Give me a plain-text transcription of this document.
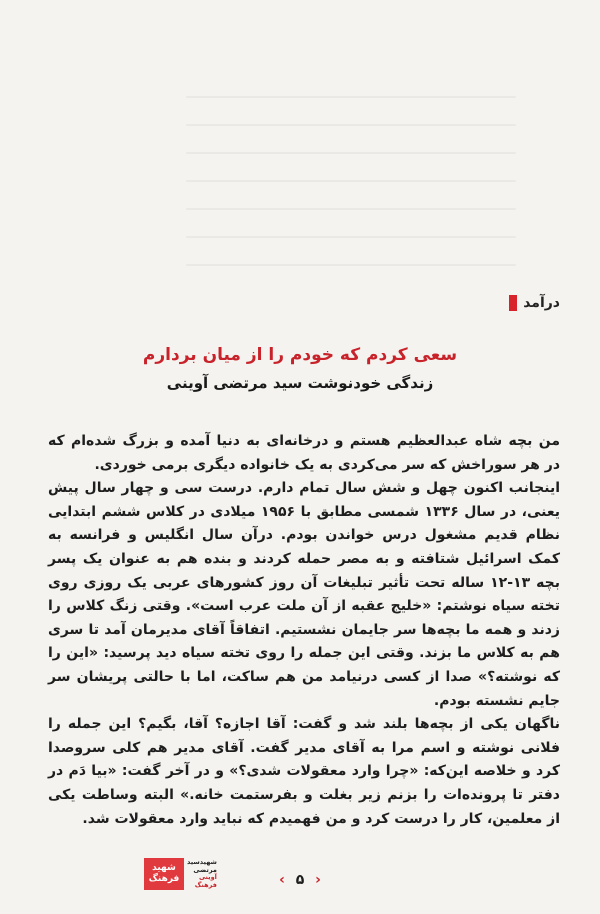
درآمد
سعی کردم که خودم را از میان بردارم
زندگی خودنوشت سید مرتضی آوینی

من بچه شاه عبدالعظیم هستم و درخانه‌ای به دنیا آمده و بزرگ شده‌ام که در هر سوراخش که سر می‌کردی به یک خانواده دیگری برمی خوردی.

اینجانب اکنون چهل و شش سال تمام دارم. درست سی و چهار سال پیش یعنی، در سال ۱۳۳۶ شمسی مطابق با ۱۹۵۶ میلادی در کلاس ششم ابتدایی نظام قدیم مشغول درس خواندن بودم. درآن سال انگلیس و فرانسه به کمک اسرائیل شتافته و به مصر حمله کردند و بنده هم به عنوان یک پسر بچه ۱۳-۱۲ ساله تحت تأثیر تبلیغات آن روز کشورهای عربی یک روزی روی تخته سیاه نوشتم: «خلیج عقبه از آن ملت عرب است». وقتی زنگ کلاس را زدند و همه ما بچه‌ها سر جایمان نشستیم. اتفاقاً آقای مدیرمان آمد تا سری هم به کلاس ما بزند. وقتی این جمله را روی تخته سیاه دید پرسید: «این را که نوشته؟» صدا از کسی درنیامد من هم ساکت، اما با حالتی پریشان سر جایم نشسته بودم.

ناگهان یکی از بچه‌ها بلند شد و گفت: آقا اجازه؟ آقا، بگیم؟ این جمله را فلانی نوشته و اسم مرا به آقای مدیر گفت. آقای مدیر هم کلی سروصدا کرد و خلاصه این‌که: «چرا وارد معقولات شدی؟» و در آخر گفت: «بیا دَم در دفتر تا پرونده‌ات را بزنم زیر بغلت و بفرستمت خانه.» البته وساطت یکی از معلمین، کار را درست کرد و من فهمیدم که نباید وارد معقولات شد.

شهید
فرهنگ
شهیدسید
مرتضی
آوینی
فرهنگ	‹ ۵ ›
